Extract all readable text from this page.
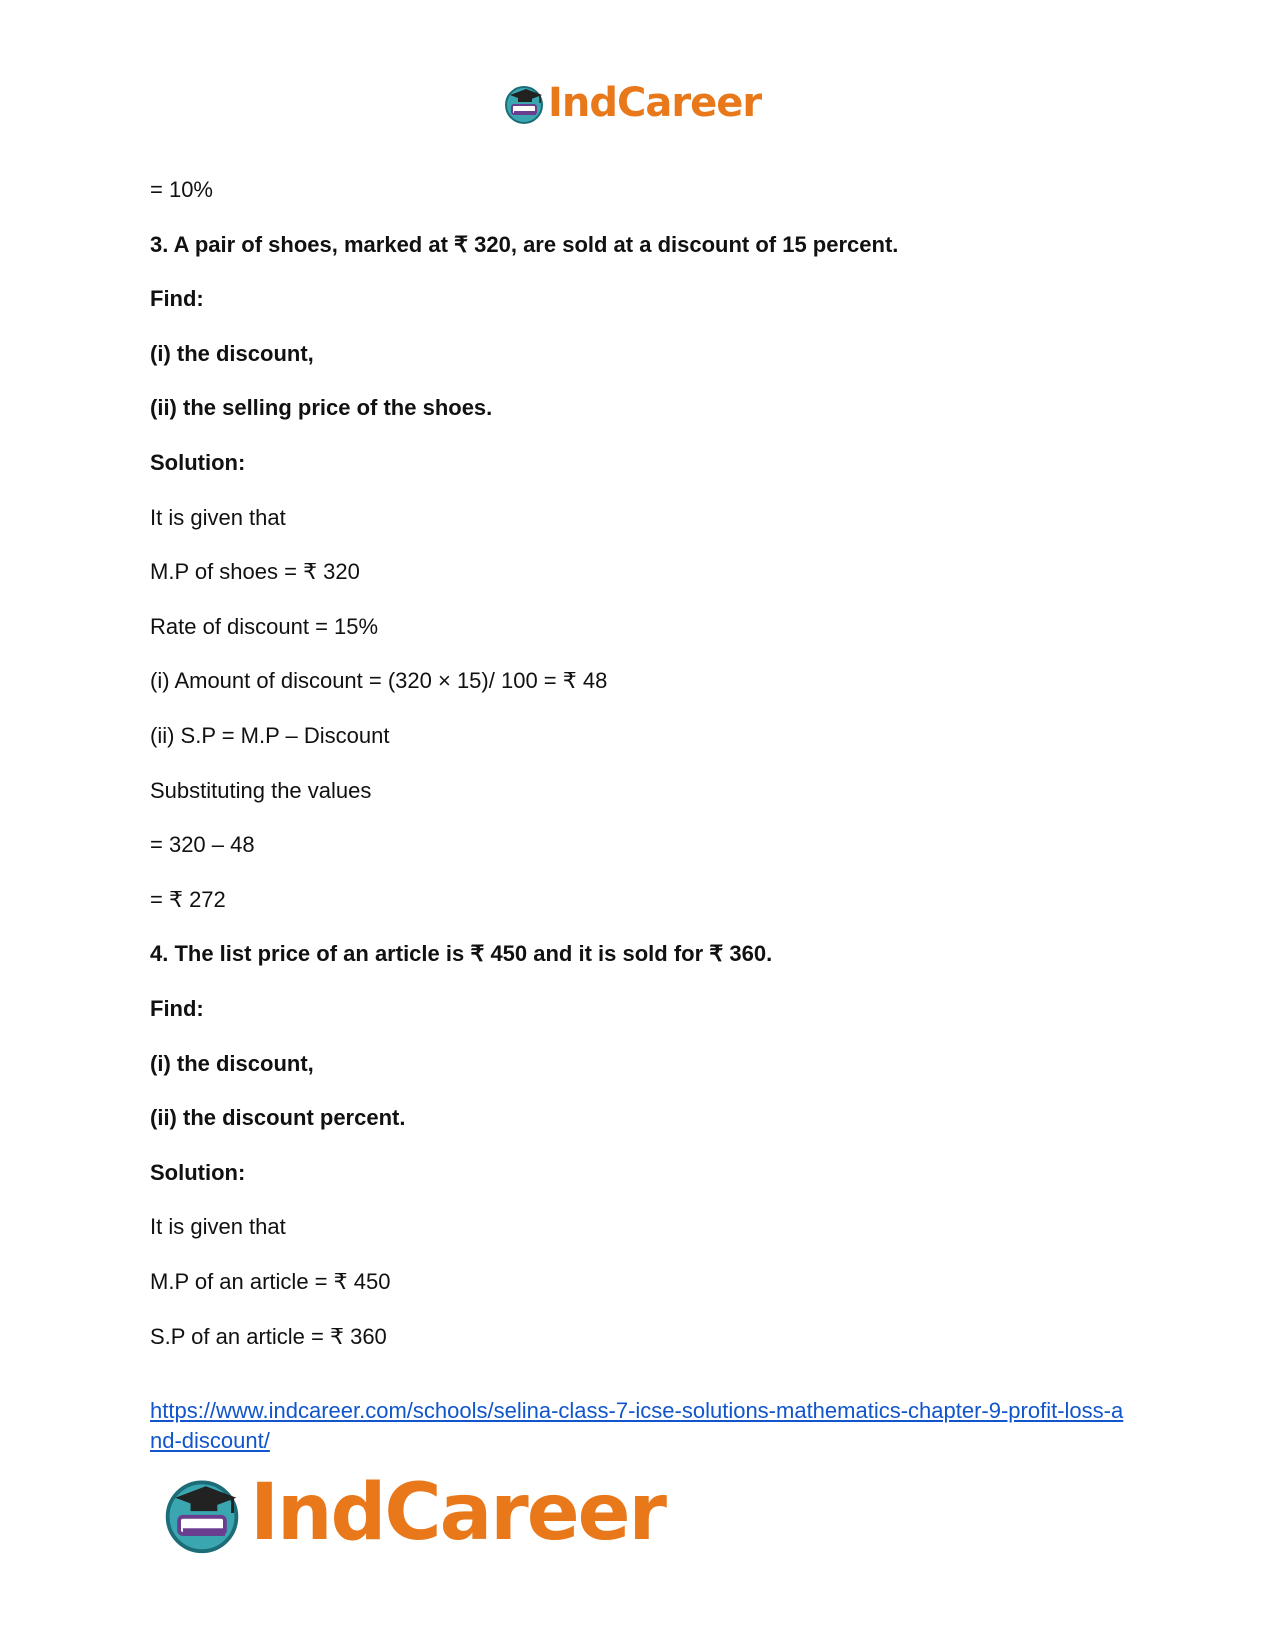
IndCareer
= 10%
3. A pair of shoes, marked at ₹ 320, are sold at a discount of 15 percent.
Find:
(i) the discount,
(ii) the selling price of the shoes.
Solution:
It is given that
M.P of shoes = ₹ 320
Rate of discount = 15%
(i) Amount of discount = (320 × 15)/ 100 = ₹ 48
(ii) S.P = M.P – Discount
Substituting the values
= 320 – 48
= ₹ 272
4. The list price of an article is ₹ 450 and it is sold for ₹ 360.
Find:
(i) the discount,
(ii) the discount percent.
Solution:
It is given that
M.P of an article = ₹ 450
S.P of an article = ₹ 360
https://www.indcareer.com/schools/selina-class-7-icse-solutions-mathematics-chapter-9-profit-loss-and-discount/
IndCareer
